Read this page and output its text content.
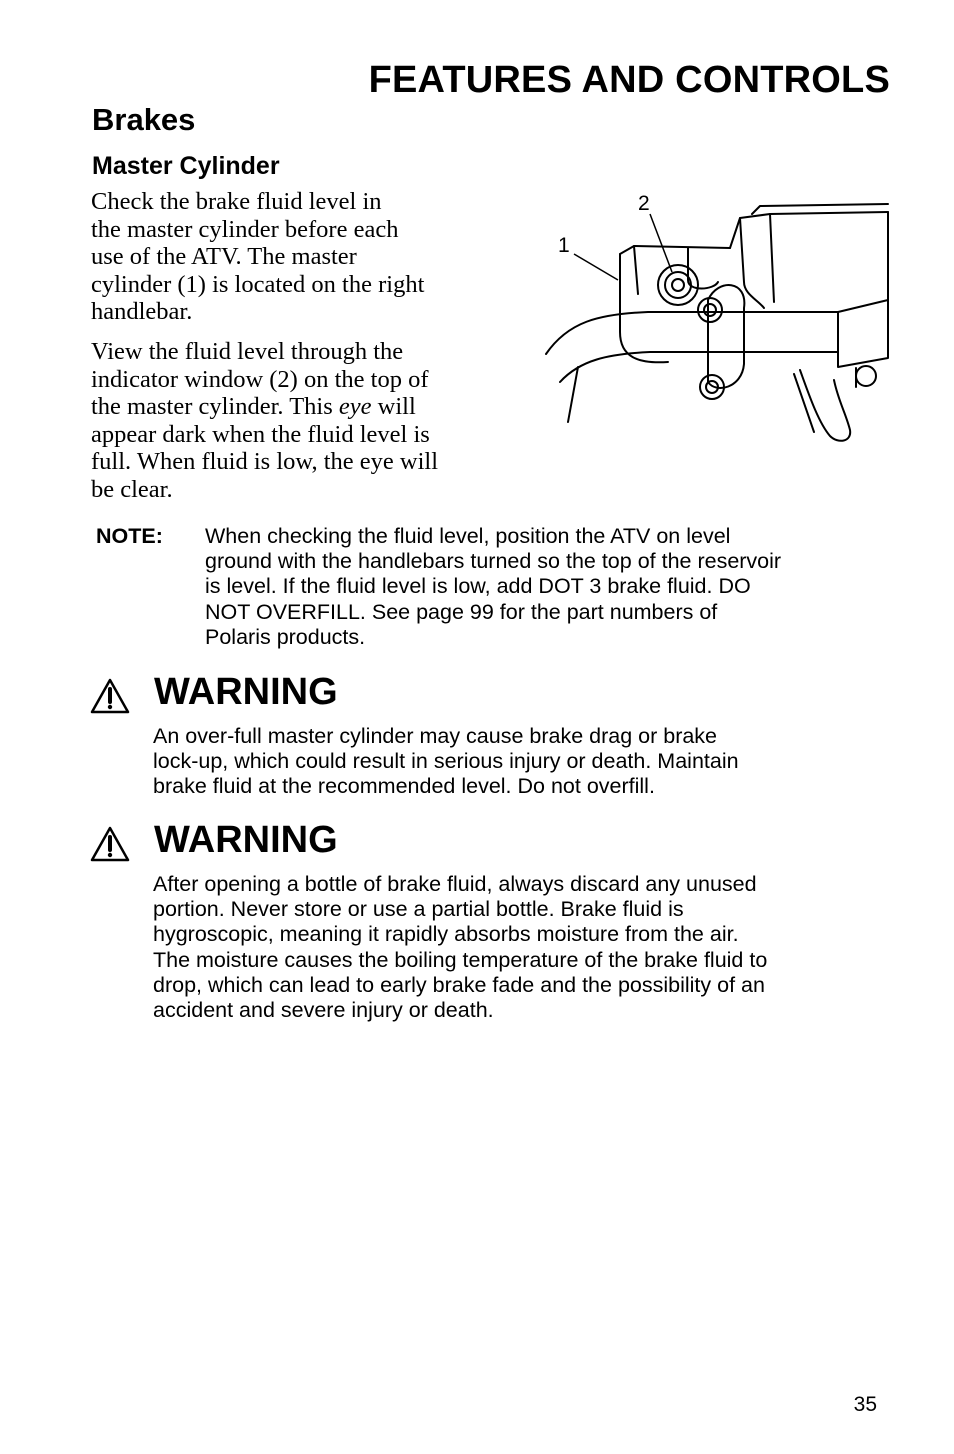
FEATURES AND CONTROLS
Brakes
Master Cylinder

Check the brake fluid level in
the master cylinder before each
use of the ATV. The master
cylinder (1) is located on the right
handlebar.

View the fluid level through the
indicator window (2) on the top of
the master cylinder. This eye will
appear dark when the fluid level is
full. When fluid is low, the eye will
be clear.

1
2
NOTE: When checking the fluid level, position the ATV on level
ground with the handlebars turned so the top of the reservoir
is level. If the fluid level is low, add DOT 3 brake fluid. DO
NOT OVERFILL. See page 99 for the part numbers of
Polaris products.
WARNING
An over-full master cylinder may cause brake drag or brake
lock-up, which could result in serious injury or death. Maintain
brake fluid at the recommended level. Do not overfill.
WARNING
After opening a bottle of brake fluid, always discard any unused
portion. Never store or use a partial bottle. Brake fluid is
hygroscopic, meaning it rapidly absorbs moisture from the air.
The moisture causes the boiling temperature of the brake fluid to
drop, which can lead to early brake fade and the possibility of an
accident and severe injury or death.
35
